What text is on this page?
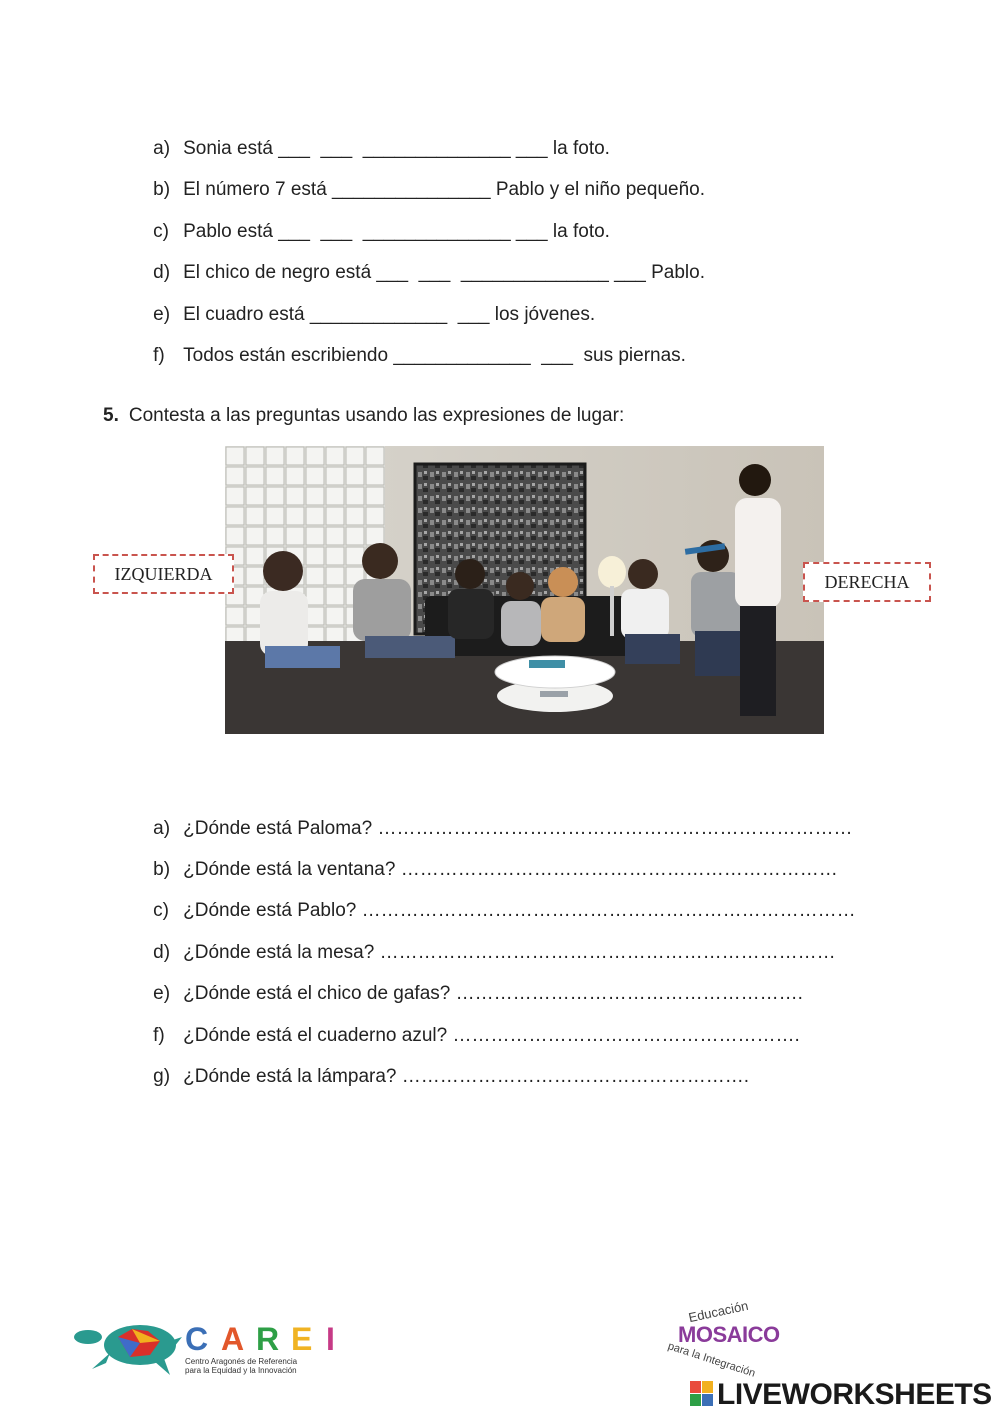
a) Sonia está ___  ___  ______________ ___ la foto.

b) El número 7 está _______________ Pablo y el niño pequeño.

c) Pablo está ___  ___  ______________ ___ la foto.

d) El chico de negro está ___  ___  ______________ ___ Pablo.

e) El cuadro está _____________  ___ los jóvenes.

f) Todos están escribiendo _____________  ___  sus piernas.

5. Contesta a las preguntas usando las expresiones de lugar:
IZQUIERDA	DERECHA

a) ¿Dónde está Paloma? …………………………………………………………………

b) ¿Dónde está la ventana? ……………………………………………………………

c) ¿Dónde está Pablo? ……………………………………………………………………

d) ¿Dónde está la mesa? ………………………………………………………………

e) ¿Dónde está el chico de gafas? ……………………………………………….

f) ¿Dónde está el cuaderno azul? ……………………………………………….

g) ¿Dónde está la lámpara? ……………………………………………….

C A R E I
Centro Aragonés de Referencia
para la Equidad y la Innovación
Educación
MOSAICO
para la Integración
LIVEWORKSHEETS
